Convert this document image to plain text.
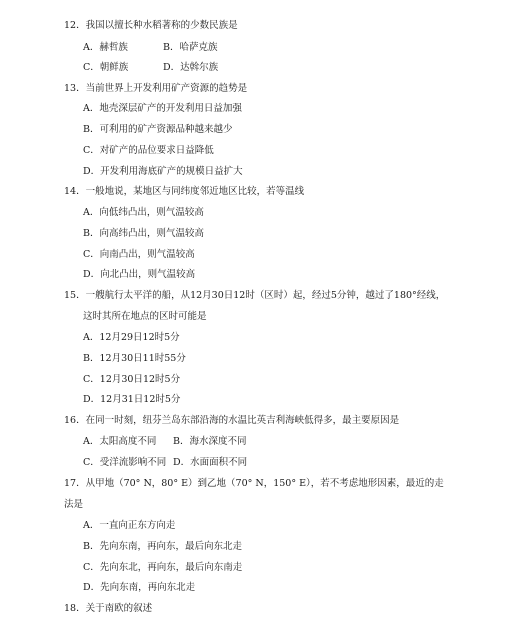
12．我国以擅长种水稻著称的少数民族是
A．赫哲族	B．哈萨克族
C．朝鲜族	D．达斡尔族
13．当前世界上开发利用矿产资源的趋势是
A．地壳深层矿产的开发利用日益加强
B．可利用的矿产资源品种越来越少
C．对矿产的品位要求日益降低
D．开发利用海底矿产的规模日益扩大
14．一般地说，某地区与同纬度邻近地区比较，若等温线
A．向低纬凸出，则气温较高
B．向高纬凸出，则气温较高
C．向南凸出，则气温较高
D．向北凸出，则气温较高
15．一艘航行太平洋的船，从12月30日12时（区时）起，经过5分钟，越过了180°经线，
这时其所在地点的区时可能是
A．12月29日12时5分
B．12月30日11时55分
C．12月30日12时5分
D．12月31日12时5分
16．在同一时刻，纽芬兰岛东部沿海的水温比英吉利海峡低得多，最主要原因是
A．太阳高度不同 B．海水深度不同
C．受洋流影响不同 D．水面面积不同
17．从甲地（70° N，80° E）到乙地（70° N，150° E），若不考虑地形因素，最近的走
法是
A．一直向正东方向走
B．先向东南，再向东，最后向东北走
C．先向东北，再向东，最后向东南走
D．先向东南，再向东北走
18．关于南欧的叙述
